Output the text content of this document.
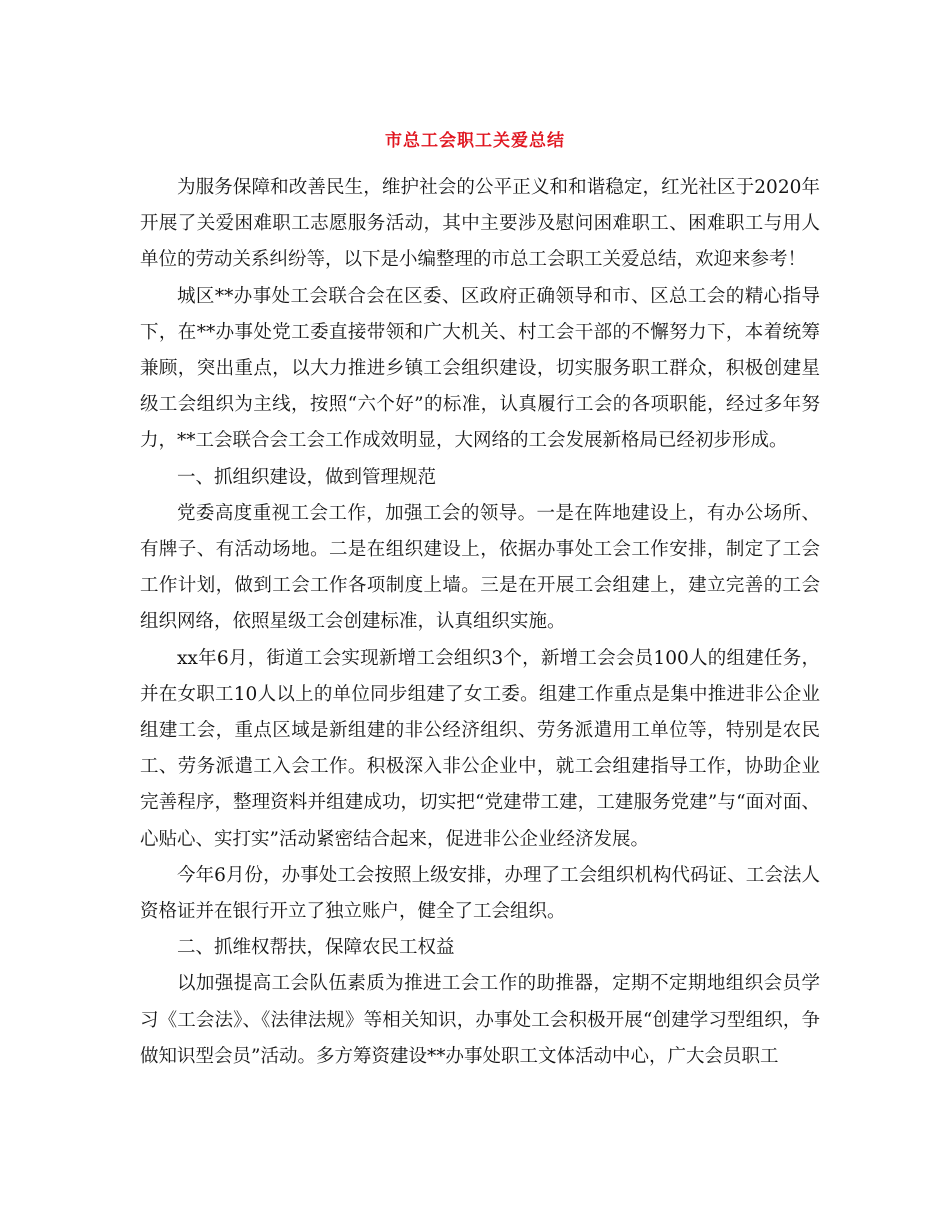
市总工会职工关爱总结

为服务保障和改善民生，维护社会的公平正义和和谐稳定，红光社区于2020年开展了关爱困难职工志愿服务活动，其中主要涉及慰问困难职工、困难职工与用人单位的劳动关系纠纷等，以下是小编整理的市总工会职工关爱总结，欢迎来参考！

城区**办事处工会联合会在区委、区政府正确领导和市、区总工会的精心指导下，在**办事处党工委直接带领和广大机关、村工会干部的不懈努力下，本着统筹兼顾，突出重点，以大力推进乡镇工会组织建设，切实服务职工群众，积极创建星级工会组织为主线，按照“六个好”的标准，认真履行工会的各项职能，经过多年努力，**工会联合会工会工作成效明显，大网络的工会发展新格局已经初步形成。

一、抓组织建设，做到管理规范

党委高度重视工会工作，加强工会的领导。一是在阵地建设上，有办公场所、有牌子、有活动场地。二是在组织建设上，依据办事处工会工作安排，制定了工会工作计划，做到工会工作各项制度上墙。三是在开展工会组建上，建立完善的工会组织网络，依照星级工会创建标准，认真组织实施。

xx年6月，街道工会实现新增工会组织3个，新增工会会员100人的组建任务，并在女职工10人以上的单位同步组建了女工委。组建工作重点是集中推进非公企业组建工会，重点区域是新组建的非公经济组织、劳务派遣用工单位等，特别是农民工、劳务派遣工入会工作。积极深入非公企业中，就工会组建指导工作，协助企业完善程序，整理资料并组建成功，切实把“党建带工建，工建服务党建”与“面对面、心贴心、实打实”活动紧密结合起来，促进非公企业经济发展。

今年6月份，办事处工会按照上级安排，办理了工会组织机构代码证、工会法人资格证并在银行开立了独立账户，健全了工会组织。

二、抓维权帮扶，保障农民工权益

以加强提高工会队伍素质为推进工会工作的助推器，定期不定期地组织会员学习《工会法》、《法律法规》等相关知识，办事处工会积极开展“创建学习型组织，争做知识型会员”活动。多方筹资建设**办事处职工文体活动中心，广大会员职工
